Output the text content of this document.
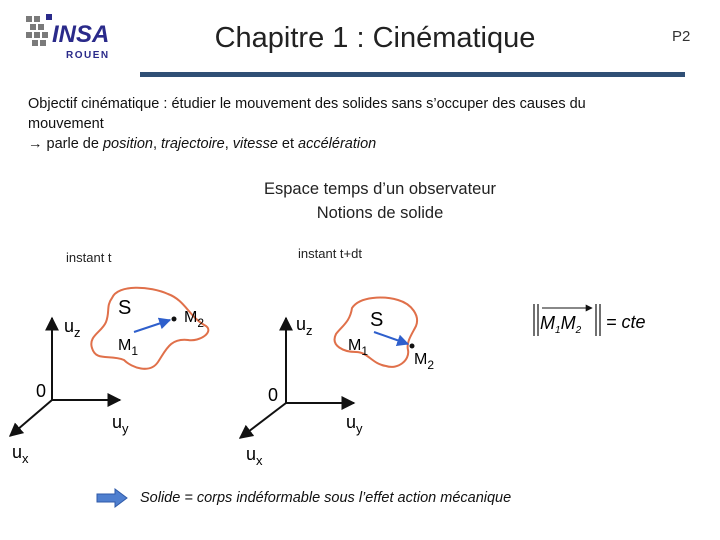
INSA
ROUEN
Chapitre 1 : Cinématique	P2
Objectif cinématique : étudier le mouvement des solides sans s’occuper des causes du
mouvement
→ parle de position, trajectoire, vitesse et accélération
Espace temps d’un observateur
Notions de solide
instant t	instant t+dt
0
$u_z$
$u_y$
$u_x$
S
$M_1$
$M_2$
0
$u_z$
$u_y$
$u_x$
S
$M_1$	$M_2$
$M_1M_2$ = cte
Solide = corps indéformable sous l’effet action mécanique
